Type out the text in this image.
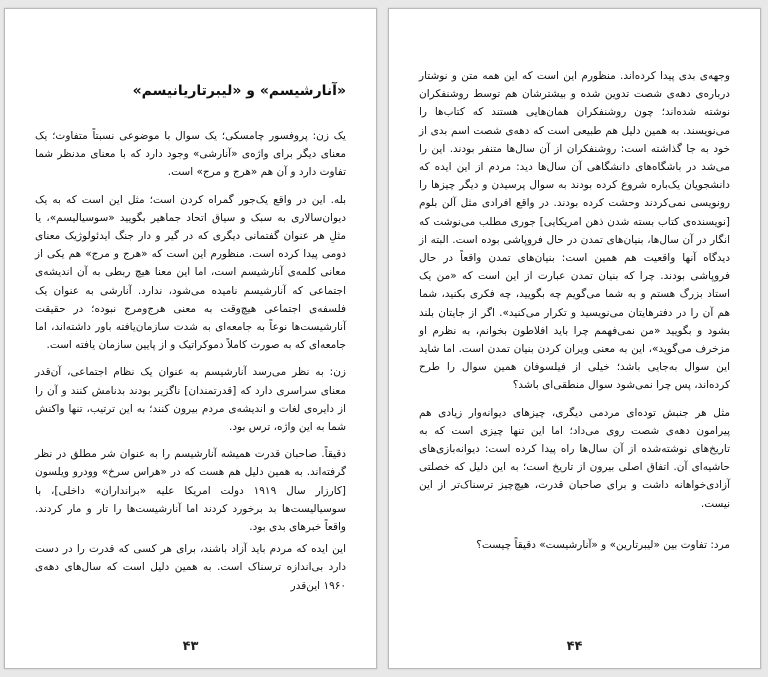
«آنارشیسم» و «لیبرتاریانیسم»

یک زن: پروفسور چامسکی؛ یک سوال با موضوعی نسبتاً متفاوت؛ یک معنای دیگر برای واژه‌ی «آنارشی» وجود دارد که با معنای مدنظر شما تفاوت دارد و آن هم «هرج و مرج» است.

بله. این در واقع یک‌جور گمراه کردن است؛ مثل این است که به یک دیوان‌سالاری به سبک و سیاق اتحاد جماهیر بگویید «سوسیالیسم»، یا مثلِ هر عنوان گفتمانی دیگری که در گیر و دار جنگ ایدئولوژیک معنای دومی پیدا کرده است. منظورم این است که «هرج و مرج» هم یکی از معانی کلمه‌ی آنارشیسم است، اما این معنا هیچ ربطی به آن اندیشه‌ی اجتماعی که آنارشیسم نامیده می‌شود، ندارد. آنارشی به عنوان یک فلسفه‌ی اجتماعی هیچ‌وقت به معنی هرج‌ومرج نبوده؛ در حقیقت آنارشیست‌ها نوعاً به جامعه‌ای به شدت سازمان‌یافته باور داشته‌اند، اما جامعه‌ای که به صورت کاملاً دموکراتیک و از پایین سازمان یافته است.

زن: به نظر می‌رسد آنارشیسم به عنوان یک نظام اجتماعی، آن‌قدر معنای سراسری دارد که [قدرتمندان] ناگزیر بودند بدنامش کنند و آن را از دایره‌ی لغات و اندیشه‌ی مردم بیرون کنند؛ به این ترتیب، تنها واکنش شما به این واژه، ترس بود.

دقیقاً. صاحبان قدرت همیشه آنارشیسم را به عنوان شر مطلق در نظر گرفته‌اند. به همین دلیل هم هست که در «هراس سرخ» وودرو ویلسون [کارزار سال ۱۹۱۹ دولت امریکا علیه «برانداران» داخلی]، با سوسیالیست‌ها بد برخورد کردند اما آنارشیست‌ها را تار و مار کردند. واقعاً خبرهای بدی بود.

این ایده که مردم باید آزاد باشند، برای هر کسی که قدرت را در دست دارد بی‌اندازه ترسناک است. به همین دلیل است که سال‌های دهه‌ی ۱۹۶۰ این‌قدر

۴۳

وجهه‌ی بدی پیدا کرده‌اند. منظورم این است که این همه متن و نوشتار درباره‌ی دهه‌ی شصت تدوین شده و بیشترشان هم توسط روشنفکران نوشته شده‌اند؛ چون روشنفکران همان‌هایی هستند که کتاب‌ها را می‌نویسند. به همین دلیل هم طبیعی است که دهه‌ی شصت اسم بدی از خود به جا گذاشته است: روشنفکران از آن سال‌ها متنفر بودند. این را می‌شد در باشگاه‌های دانشگاهی آن سال‌ها دید: مردم از این ایده که دانشجویان یک‌باره شروع کرده بودند به سوال پرسیدن و دیگر چیزها را رونویسی نمی‌کردند وحشت کرده بودند. در واقع افرادی مثل آلن بلوم [نویسنده‌ی کتاب بسته شدن ذهن امریکایی] جوری مطلب می‌نوشت که انگار در آن سال‌ها، بنیان‌های تمدن در حال فروپاشی بوده است. البته از دیدگاه آنها واقعیت هم همین است: بنیان‌های تمدن واقعاً در حال فروپاشی بودند. چرا که بنیان تمدن عبارت از این است که «من یک استاد بزرگ هستم و به شما می‌گویم چه بگویید، چه فکری بکنید، شما هم آن را در دفترهایتان می‌نویسید و تکرار می‌کنید». اگر از جایتان بلند بشود و بگویید «من نمی‌فهمم چرا باید افلاطون بخوانم، به نظرم او مزخرف می‌گوید»، این به معنی ویران کردن بنیان تمدن است. اما شاید این سوال به‌جایی باشد؛ خیلی از فیلسوفان همین سوال را طرح کرده‌اند، پس چرا نمی‌شود سوال منطقی‌ای باشد؟

مثل هر جنبش توده‌ای مردمی دیگری، چیزهای دیوانه‌وار زیادی هم پیرامون دهه‌ی شصت روی می‌داد؛ اما این تنها چیزی است که به تاریخ‌های نوشته‌شده از آن سال‌ها راه پیدا کرده است: دیوانه‌بازی‌های حاشیه‌ای آن. اتفاق اصلی بیرون از تاریخ است؛ به این دلیل که خصلتی آزادی‌خواهانه داشت و برای صاحبان قدرت، هیچ‌چیز ترسناک‌تر از این نیست.

مرد: تفاوت بین «لیبرتارین» و «آنارشیست» دقیقاً چیست؟

۴۴
